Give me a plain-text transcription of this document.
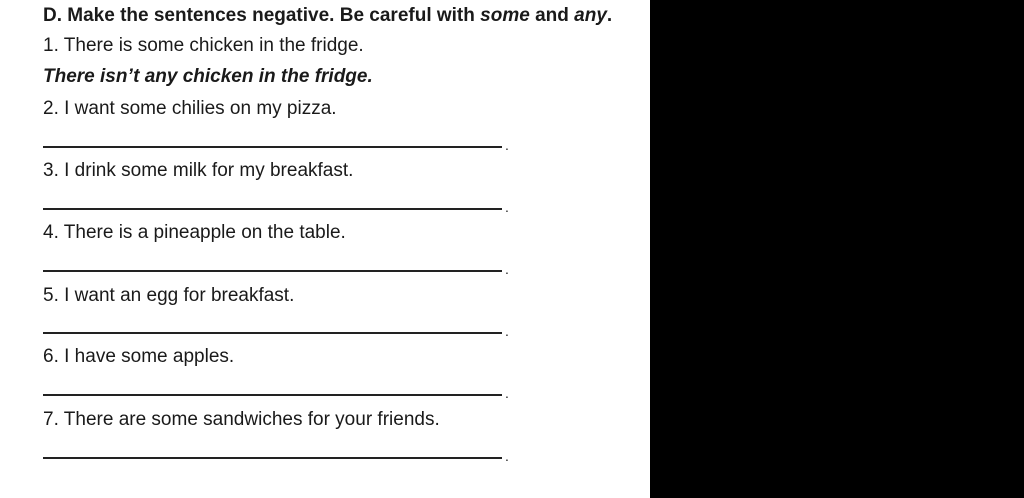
D. Make the sentences negative. Be careful with some and any.
1. There is some chicken in the fridge.
There isn’t any chicken in the fridge.
2. I want some chilies on my pizza.
.
3. I drink some milk for my breakfast.
.
4. There is a pineapple on the table.
.
5. I want an egg for breakfast.
.
6. I have some apples.
.
7. There are some sandwiches for your friends.
.
